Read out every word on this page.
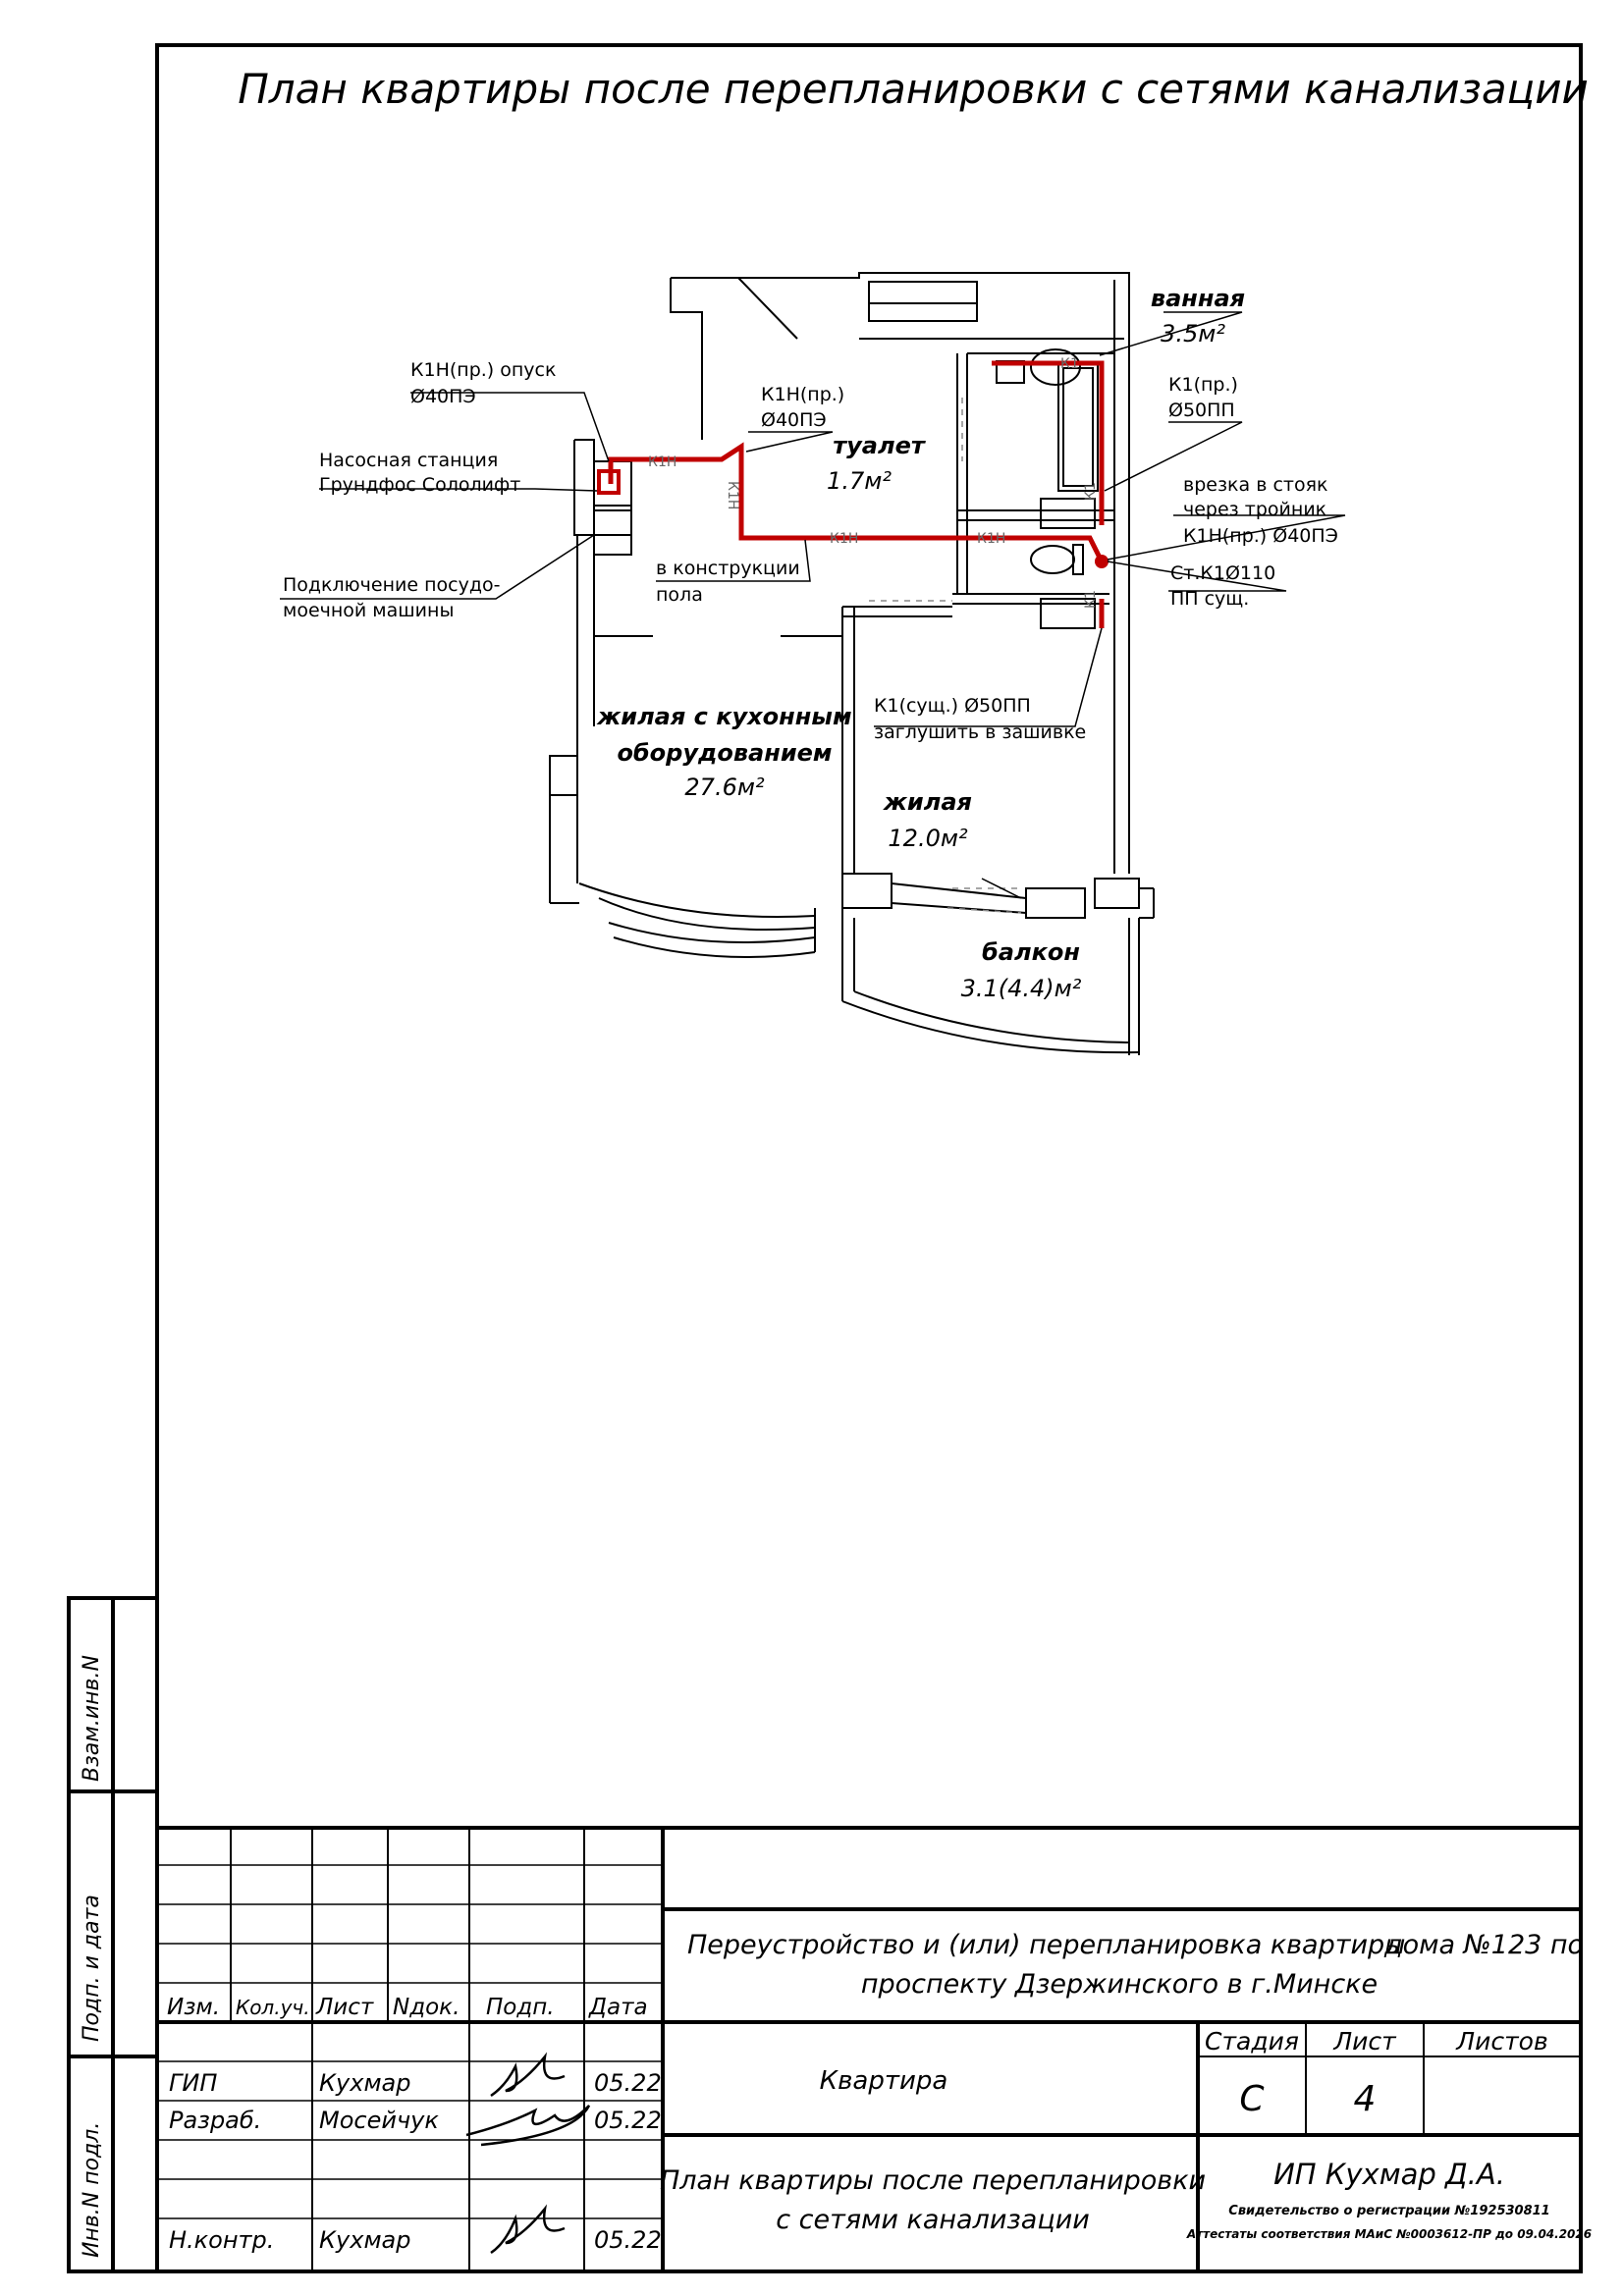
Взам.инв.N
Подп. и дата
Инв.N подл.
План квартиры после перепланировки с сетями канализации
К1Н
К1Н	К1Н
К1
К1Н	К1
К1
ванная
3.5м²
туалет
1.7м²
жилая с кухонным
оборудованием
27.6м²
жилая
12.0м²
балкон
3.1(4.4)м²
К1Н(пр.) опуск
Ø40ПЭ
Насосная станция
Грундфос Сололифт
Подключение посудо-
моечной машины
К1Н(пр.)
Ø40ПЭ
в конструкции
пола
К1(пр.)
Ø50ПП
врезка в стояк
через тройник
К1Н(пр.) Ø40ПЭ
Ст.К1Ø110
ПП сущ.
К1(сущ.) Ø50ПП
заглушить в зашивке
Изм. Кол.уч. Лист Nдок. Подп. Дата
ГИП	Кухмар	05.22
Разраб. Мосейчук	05.22
Н.контр. Кухмар	05.22
Переустройство и (или) перепланировка квартиры
дома №123 по
проспекту Дзержинского в г.Минске
Квартира
Стадия Лист Листов
С	4
План квартиры после перепланировки
с сетями канализации
ИП Кухмар Д.А.
Свидетельство о регистрации №192530811
Аттестаты соответствия МАиС №0003612-ПР до 09.04.2026
